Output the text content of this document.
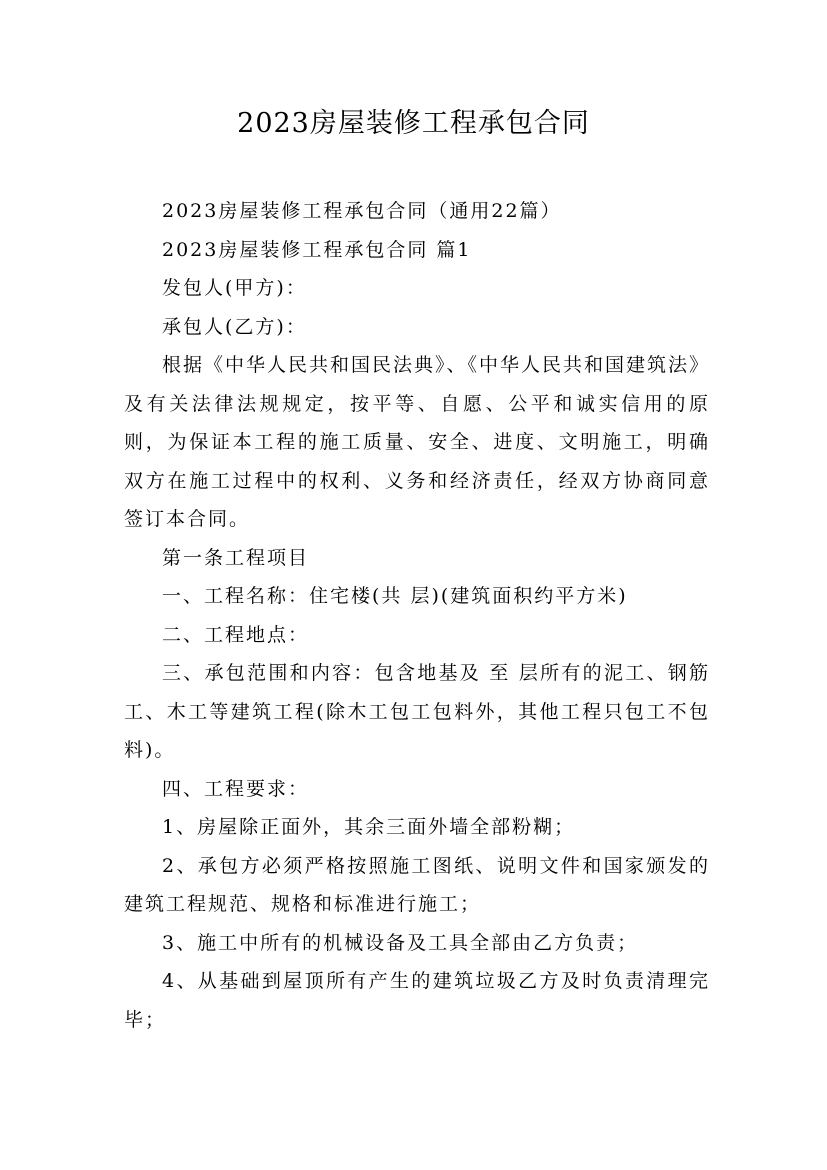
2023房屋装修工程承包合同

2023房屋装修工程承包合同（通用22篇）

2023房屋装修工程承包合同 篇1

发包人(甲方)：

承包人(乙方)：

根据《中华人民共和国民法典》、《中华人民共和国建筑法》及有关法律法规规定，按平等、自愿、公平和诚实信用的原则，为保证本工程的施工质量、安全、进度、文明施工，明确双方在施工过程中的权利、义务和经济责任，经双方协商同意签订本合同。

第一条工程项目

一、工程名称：住宅楼(共 层)(建筑面积约平方米)

二、工程地点：

三、承包范围和内容：包含地基及 至 层所有的泥工、钢筋工、木工等建筑工程(除木工包工包料外，其他工程只包工不包料)。

四、工程要求：

1、房屋除正面外，其余三面外墙全部粉糊；

2、承包方必须严格按照施工图纸、说明文件和国家颁发的建筑工程规范、规格和标准进行施工；

3、施工中所有的机械设备及工具全部由乙方负责；

4、从基础到屋顶所有产生的建筑垃圾乙方及时负责清理完毕；
